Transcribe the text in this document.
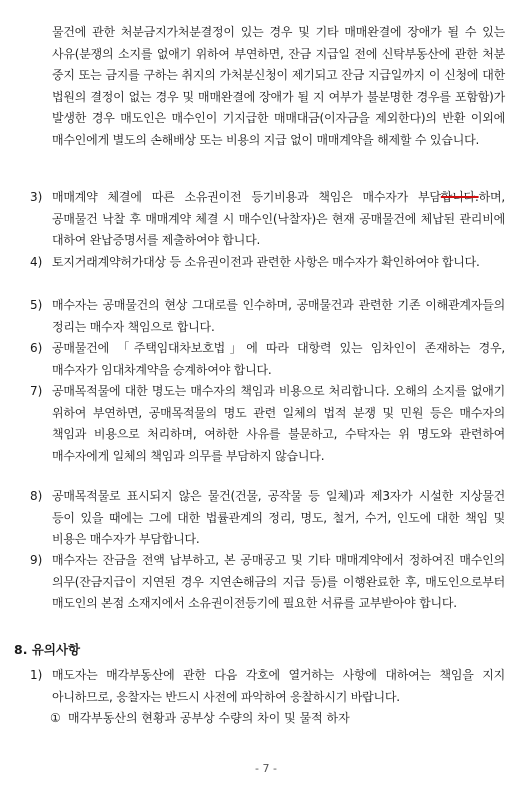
물건에 관한 처분금지가처분결정이 있는 경우 및 기타 매매완결에 장애가 될 수 있는 사유(분쟁의 소지를 없애기 위하여 부연하면, 잔금 지급일 전에 신탁부동산에 관한 처분 중지 또는 금지를 구하는 취지의 가처분신청이 제기되고 잔금 지급일까지 이 신청에 대한 법원의 결정이 없는 경우 및 매매완결에 장애가 될 지 여부가 불분명한 경우를 포함함)가 발생한 경우 매도인은 매수인이 기지급한 매매대금(이자금을 제외한다)의 반환 이외에 매수인에게 별도의 손해배상 또는 비용의 지급 없이 매매계약을 해제할 수 있습니다.
3) 매매계약 체결에 따른 소유권이전 등기비용과 책임은 매수자가 부담합니다.하며, 공매물건 낙찰 후 매매계약 체결 시 매수인(낙찰자)은 현재 공매물건에 체납된 관리비에 대하여 완납증명서를 제출하여야 합니다.
4) 토지거래계약허가대상 등 소유권이전과 관련한 사항은 매수자가 확인하여야 합니다.
5) 매수자는 공매물건의 현상 그대로를 인수하며, 공매물건과 관련한 기존 이해관계자들의 정리는 매수자 책임으로 합니다.
6) 공매물건에 「주택임대차보호법」에 따라 대항력 있는 임차인이 존재하는 경우, 매수자가 임대차계약을 승계하여야 합니다.
7) 공매목적물에 대한 명도는 매수자의 책임과 비용으로 처리합니다. 오해의 소지를 없애기 위하여 부연하면, 공매목적물의 명도 관련 일체의 법적 분쟁 및 민원 등은 매수자의 책임과 비용으로 처리하며, 여하한 사유를 불문하고, 수탁자는 위 명도와 관련하여 매수자에게 일체의 책임과 의무를 부담하지 않습니다.
8) 공매목적물로 표시되지 않은 물건(건물, 공작물 등 일체)과 제3자가 시설한 지상물건 등이 있을 때에는 그에 대한 법률관계의 정리, 명도, 철거, 수거, 인도에 대한 책임 및 비용은 매수자가 부담합니다.
9) 매수자는 잔금을 전액 납부하고, 본 공매공고 및 기타 매매계약에서 정하여진 매수인의 의무(잔금지급이 지연된 경우 지연손해금의 지급 등)를 이행완료한 후, 매도인으로부터 매도인의 본점 소재지에서 소유권이전등기에 필요한 서류를 교부받아야 합니다.
8. 유의사항
1) 매도자는 매각부동산에 관한 다음 각호에 열거하는 사항에 대하여는 책임을 지지 아니하므로, 응찰자는 반드시 사전에 파악하여 응찰하시기 바랍니다.
① 매각부동산의 현황과 공부상 수량의 차이 및 물적 하자
- 7 -
